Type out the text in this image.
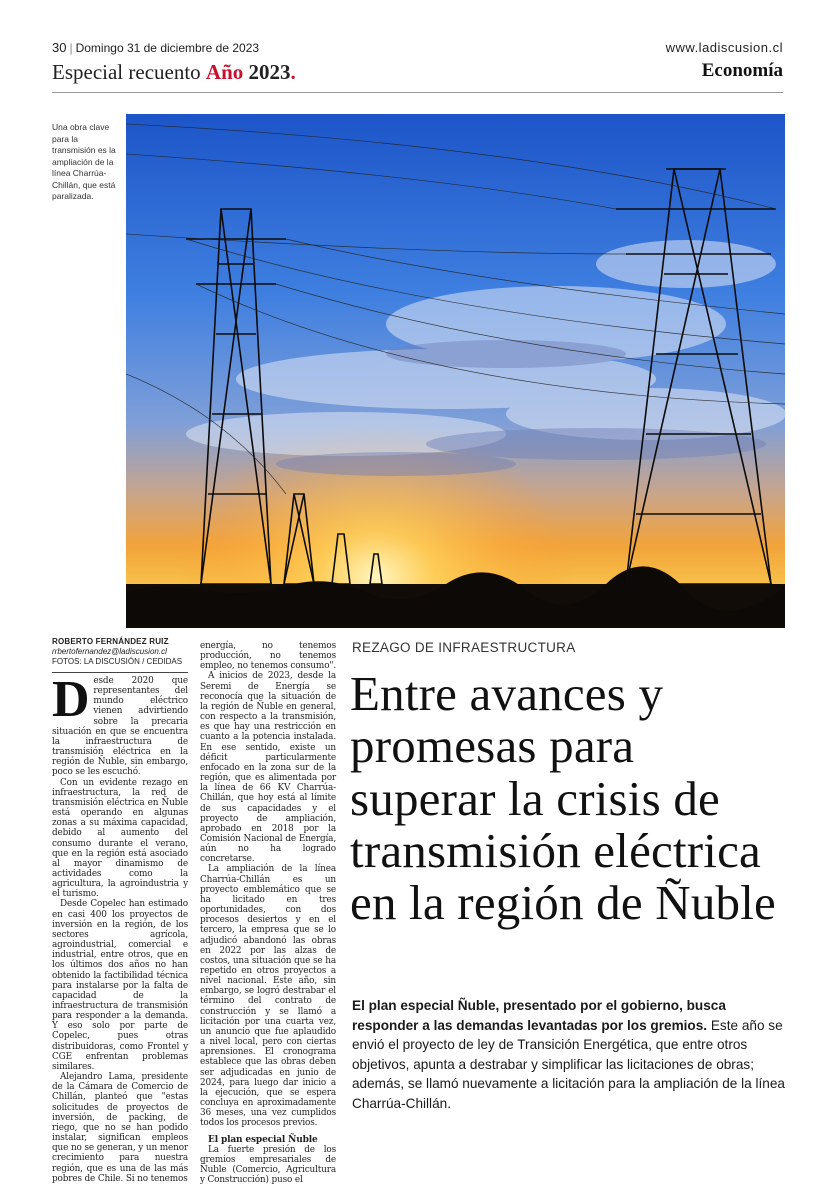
30 | Domingo 31 de diciembre de 2023	www.ladiscusion.cl
Especial recuento Año 2023.	Economía
Una obra clave para la transmisión es la ampliación de la línea Charrúa-Chillán, que está paralizada.
ROBERTO FERNÁNDEZ RUIZ
rrbertofernandez@ladiscusion.cl
FOTOS: LA DISCUSIÓN / CEDIDAS

Desde 2020 que representantes del mundo eléctrico vienen advirtiendo sobre la precaria situación en que se encuentra la infraestructura de transmisión eléctrica en la región de Ñuble, sin embargo, poco se les escuchó.

Con un evidente rezago en infraestructura, la red de transmisión eléctrica en Ñuble está operando en algunas zonas a su máxima capacidad, debido al aumento del consumo durante el verano, que en la región está asociado al mayor dinamismo de actividades como la agricultura, la agroindustria y el turismo.

Desde Copelec han estimado en casi 400 los proyectos de inversión en la región, de los sectores agrícola, agroindustrial, comercial e industrial, entre otros, que en los últimos dos años no han obtenido la factibilidad técnica para instalarse por la falta de capacidad de la infraestructura de transmisión para responder a la demanda. Y eso solo por parte de Copelec, pues otras distribuidoras, como Frontel y CGE enfrentan problemas similares.

Alejandro Lama, presidente de la Cámara de Comercio de Chillán, planteó que "estas solicitudes de proyectos de inversión, de packing, de riego, que no se han podido instalar, significan empleos que no se generan, y un menor crecimiento para nuestra región, que es una de las más pobres de Chile. Si no tenemos

energía, no tenemos producción, no tenemos empleo, no tenemos consumo".

A inicios de 2023, desde la Seremi de Energía se reconocía que la situación de la región de Ñuble en general, con respecto a la transmisión, es que hay una restricción en cuanto a la potencia instalada. En ese sentido, existe un déficit particularmente enfocado en la zona sur de la región, que es alimentada por la línea de 66 KV Charrúa-Chillán, que hoy está al límite de sus capacidades y el proyecto de ampliación, aprobado en 2018 por la Comisión Nacional de Energía, aún no ha logrado concretarse.

La ampliación de la línea Charrúa-Chillán es un proyecto emblemático que se ha licitado en tres oportunidades, con dos procesos desiertos y en el tercero, la empresa que se lo adjudicó abandonó las obras en 2022 por las alzas de costos, una situación que se ha repetido en otros proyectos a nivel nacional. Este año, sin embargo, se logró destrabar el término del contrato de construcción y se llamó a licitación por una cuarta vez, un anuncio que fue aplaudido a nivel local, pero con ciertas aprensiones. El cronograma establece que las obras deben ser adjudicadas en junio de 2024, para luego dar inicio a la ejecución, que se espera concluya en aproximadamente 36 meses, una vez cumplidos todos los procesos previos.

El plan especial Ñuble

La fuerte presión de los gremios empresariales de Ñuble (Comercio, Agricultura y Construcción) puso el

REZAGO DE INFRAESTRUCTURA
Entre avances y promesas para superar la crisis de transmisión eléctrica en la región de Ñuble
El plan especial Ñuble, presentado por el gobierno, busca responder a las demandas levantadas por los gremios. Este año se envió el proyecto de ley de Transición Energética, que entre otros objetivos, apunta a destrabar y simplificar las licitaciones de obras; además, se llamó nuevamente a licitación para la ampliación de la línea Charrúa-Chillán.
